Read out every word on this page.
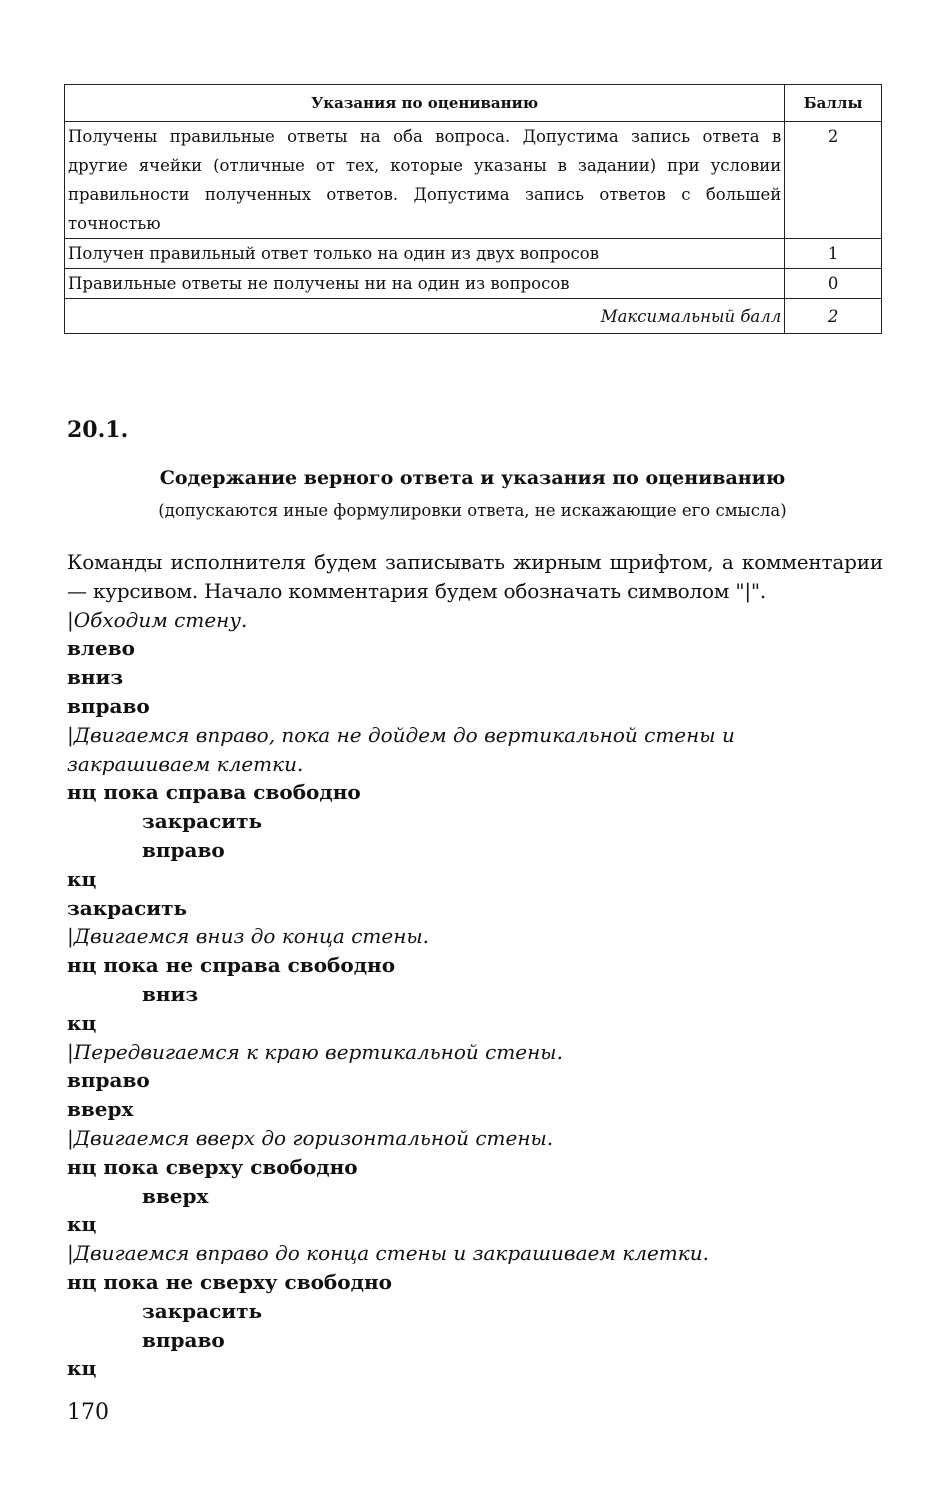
Указания по оцениванию	Баллы
Получены правильные ответы на оба вопроса. Допустима запись ответа в другие ячейки (отличные от тех, которые указаны в задании) при условии правильности полученных ответов. Допустима запись ответов с большей точностью	2
Получен правильный ответ только на один из двух вопросов	1
Правильные ответы не получены ни на один из вопросов	0
Максимальный балл	2
20.1.
Содержание верного ответа и указания по оцениванию
(допускаются иные формулировки ответа, не искажающие его смысла)
Команды исполнителя будем записывать жирным шрифтом, а комментарии — курсивом. Начало комментария будем обозначать символом "|".
|Обходим стену.
влево
вниз
вправо
|Двигаемся вправо, пока не дойдем до вертикальной стены и закрашиваем клетки.
нц пока справа свободно
закрасить
вправо
кц
закрасить
|Двигаемся вниз до конца стены.
нц пока не справа свободно
вниз
кц
|Передвигаемся к краю вертикальной стены.
вправо
вверх
|Двигаемся вверх до горизонтальной стены.
нц пока сверху свободно
вверх
кц
|Двигаемся вправо до конца стены и закрашиваем клетки.
нц пока не сверху свободно
закрасить
вправо
кц
170
